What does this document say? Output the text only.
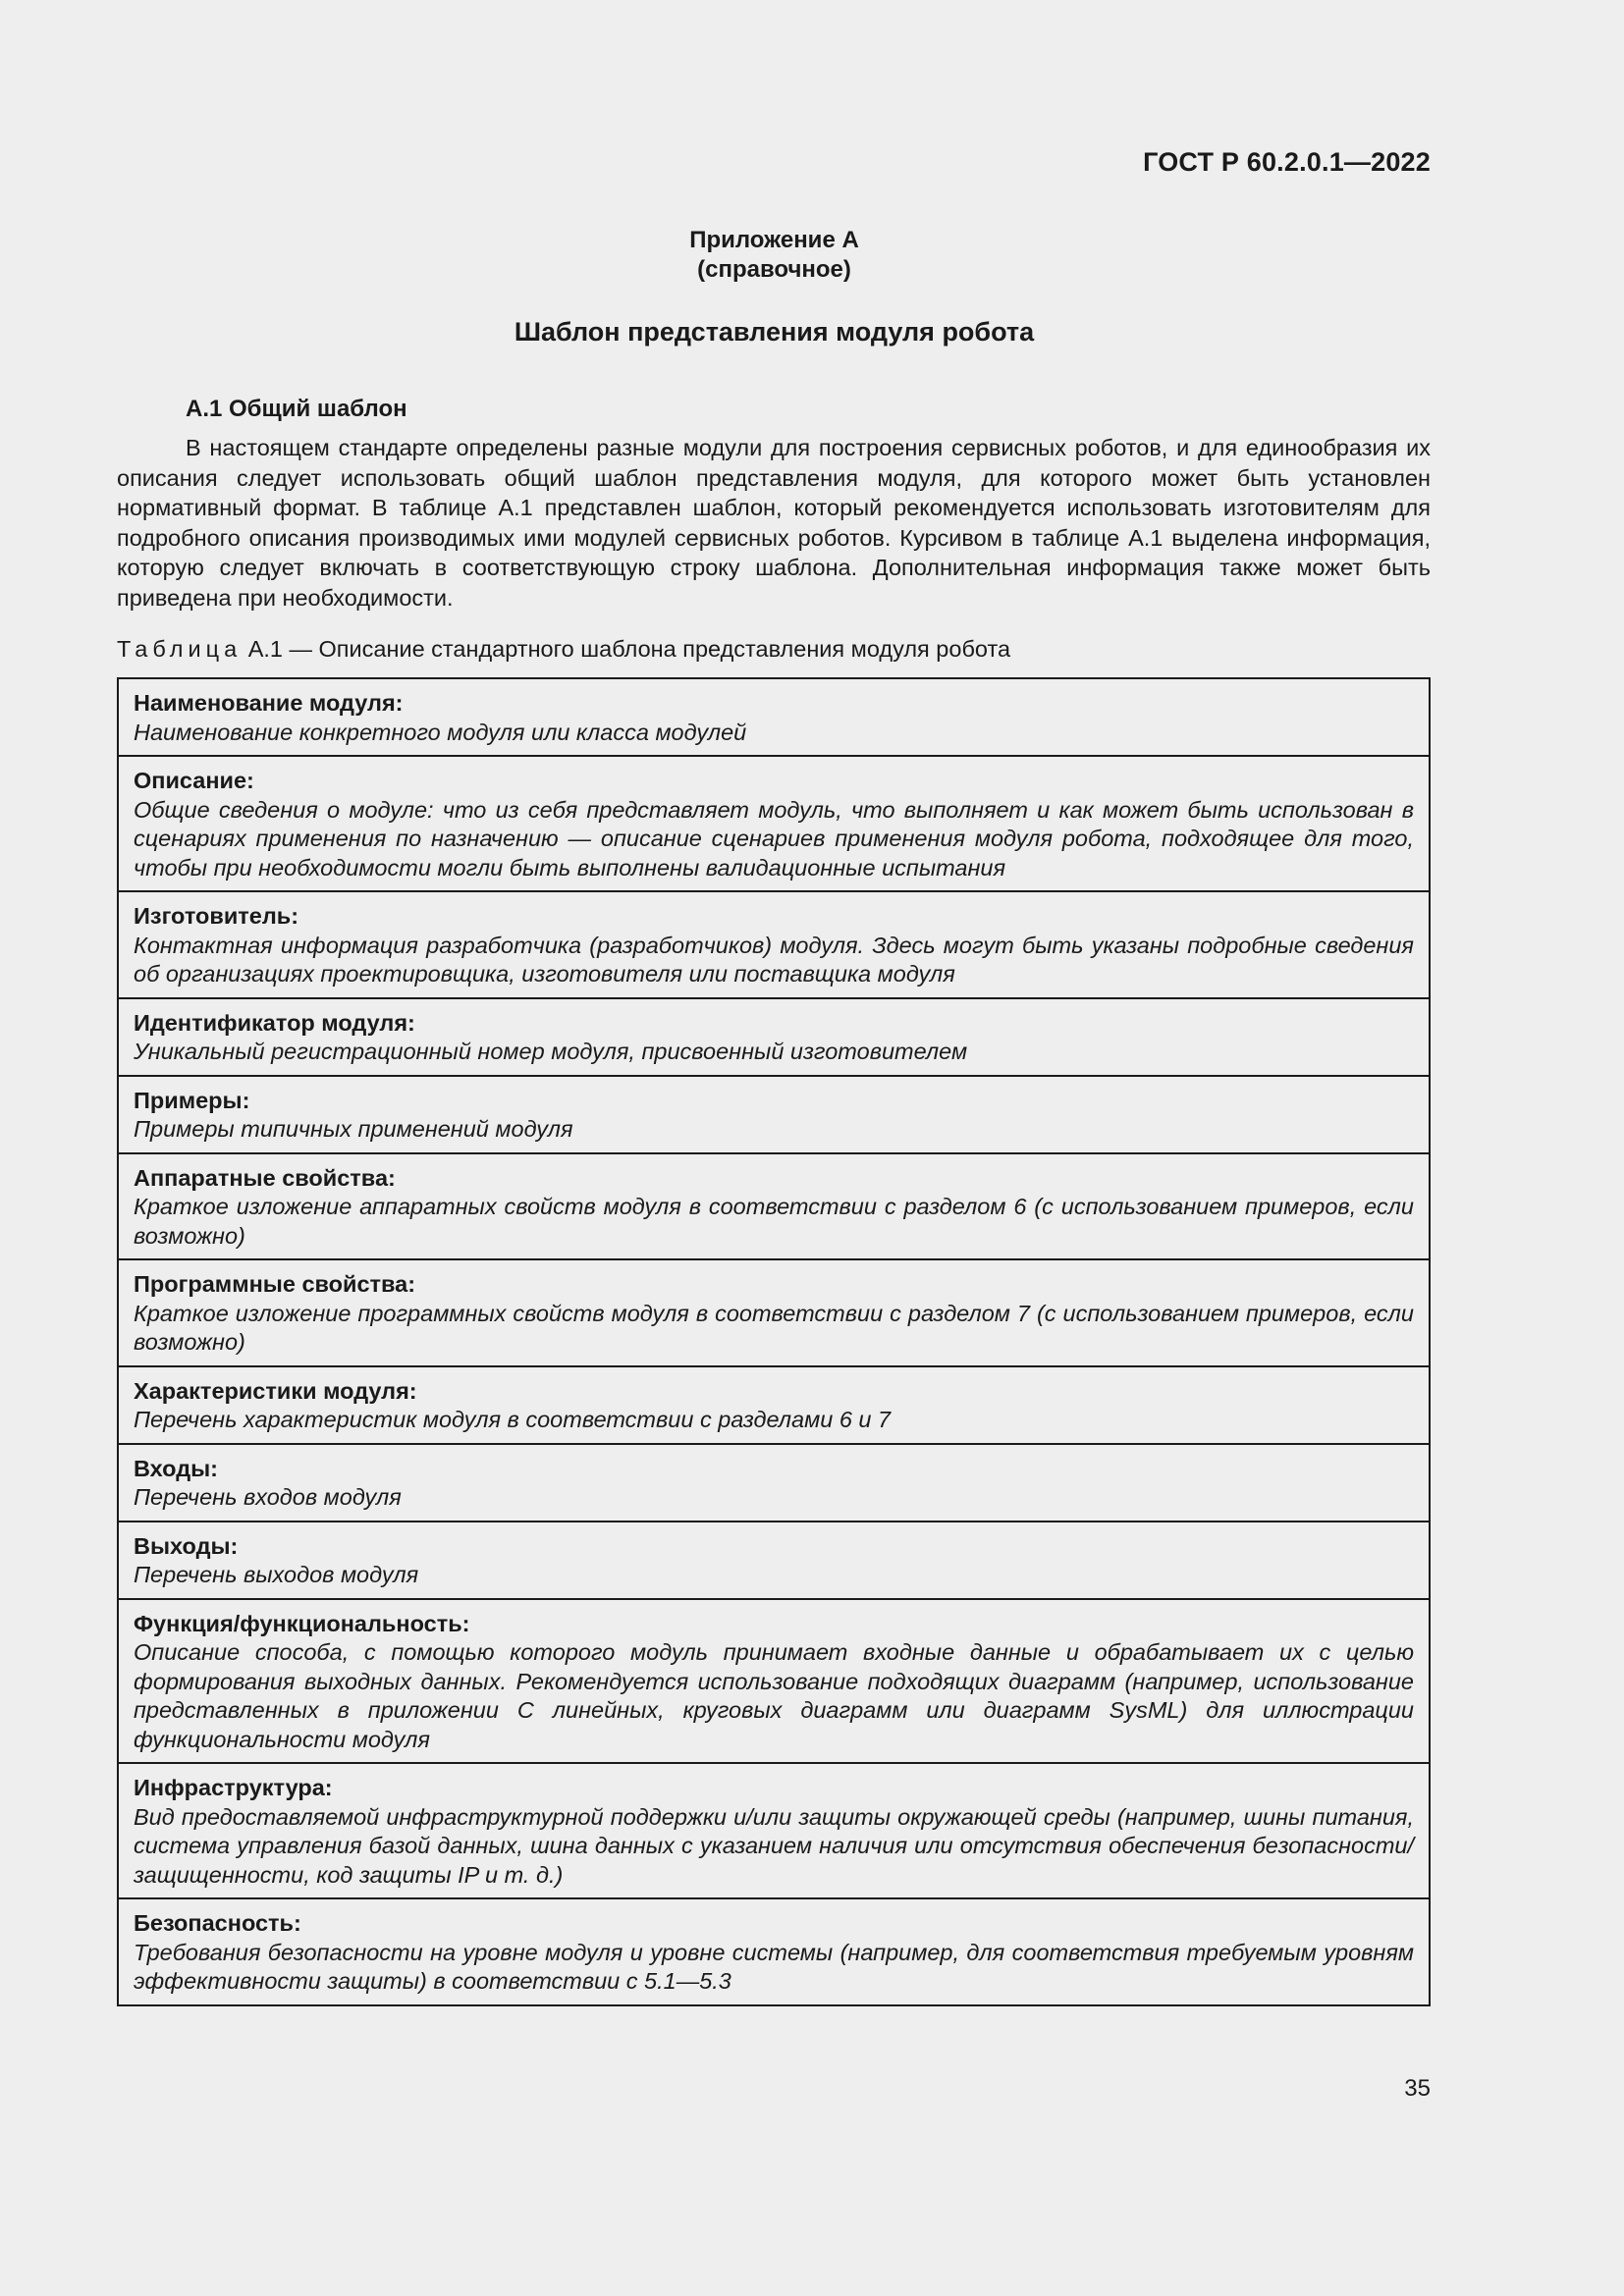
ГОСТ Р 60.2.0.1—2022
Приложение А
(справочное)
Шаблон представления модуля робота
А.1 Общий шаблон

В настоящем стандарте определены разные модули для построения сервисных роботов, и для единообразия их описания следует использовать общий шаблон представления модуля, для которого может быть установлен нормативный формат. В таблице А.1 представлен шаблон, который рекомендуется использовать изготовителям для подробного описания производимых ими модулей сервисных роботов. Курсивом в таблице А.1 выделена информация, которую следует включать в соответствующую строку шаблона. Дополнительная информация также может быть приведена при необходимости.

Таблица А.1 — Описание стандартного шаблона представления модуля робота
Наименование модуля:
Наименование конкретного модуля или класса модулей
Описание:
Общие сведения о модуле: что из себя представляет модуль, что выполняет и как может быть использован в сценариях применения по назначению — описание сценариев применения модуля робота, подходящее для того, чтобы при необходимости могли быть выполнены валидационные испытания
Изготовитель:
Контактная информация разработчика (разработчиков) модуля. Здесь могут быть указаны подробные сведения об организациях проектировщика, изготовителя или поставщика модуля
Идентификатор модуля:
Уникальный регистрационный номер модуля, присвоенный изготовителем
Примеры:
Примеры типичных применений модуля
Аппаратные свойства:
Краткое изложение аппаратных свойств модуля в соответствии с разделом 6 (с использованием примеров, если возможно)
Программные свойства:
Краткое изложение программных свойств модуля в соответствии с разделом 7 (с использованием примеров, если возможно)
Характеристики модуля:
Перечень характеристик модуля в соответствии с разделами 6 и 7
Входы:
Перечень входов модуля
Выходы:
Перечень выходов модуля
Функция/функциональность:
Описание способа, с помощью которого модуль принимает входные данные и обрабатывает их с целью формирования выходных данных. Рекомендуется использование подходящих диаграмм (например, использование представленных в приложении С линейных, круговых диаграмм или диаграмм SysML) для иллюстрации функциональности модуля
Инфраструктура:
Вид предоставляемой инфраструктурной поддержки и/или защиты окружающей среды (например, шины питания, система управления базой данных, шина данных с указанием наличия или отсутствия обеспечения безопасности/защищенности, код защиты IP и т. д.)
Безопасность:
Требования безопасности на уровне модуля и уровне системы (например, для соответствия требуемым уровням эффективности защиты) в соответствии с 5.1—5.3
35
